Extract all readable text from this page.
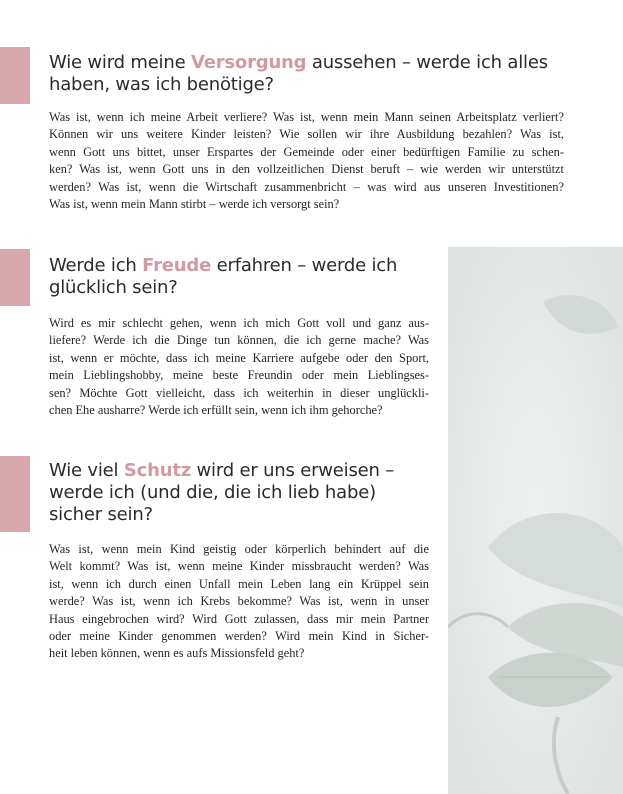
Wie wird meine Versorgung aussehen – werde ich alles
haben, was ich benötige?

Was ist, wenn ich meine Arbeit verliere? Was ist, wenn mein Mann seinen Arbeitsplatz verliert?
Können wir uns weitere Kinder leisten? Wie sollen wir ihre Ausbildung bezahlen? Was ist,
wenn Gott uns bittet, unser Erspartes der Gemeinde oder einer bedürftigen Familie zu schen-
ken? Was ist, wenn Gott uns in den vollzeitlichen Dienst beruft – wie werden wir unterstützt
werden? Was ist, wenn die Wirtschaft zusammenbricht – was wird aus unseren Investitionen?
Was ist, wenn mein Mann stirbt – werde ich versorgt sein?

Werde ich Freude erfahren – werde ich
glücklich sein?

Wird es mir schlecht gehen, wenn ich mich Gott voll und ganz aus-
liefere? Werde ich die Dinge tun können, die ich gerne mache? Was
ist, wenn er möchte, dass ich meine Karriere aufgebe oder den Sport,
mein Lieblingshobby, meine beste Freundin oder mein Lieblingses-
sen? Möchte Gott vielleicht, dass ich weiterhin in dieser unglückli-
chen Ehe ausharre? Werde ich erfüllt sein, wenn ich ihm gehorche?

Wie viel Schutz wird er uns erweisen –
werde ich (und die, die ich lieb habe)
sicher sein?

Was ist, wenn mein Kind geistig oder körperlich behindert auf die
Welt kommt? Was ist, wenn meine Kinder missbraucht werden? Was
ist, wenn ich durch einen Unfall mein Leben lang ein Krüppel sein
werde? Was ist, wenn ich Krebs bekomme? Was ist, wenn in unser
Haus eingebrochen wird? Wird Gott zulassen, dass mir mein Partner
oder meine Kinder genommen werden? Wird mein Kind in Sicher-
heit leben können, wenn es aufs Missionsfeld geht?
